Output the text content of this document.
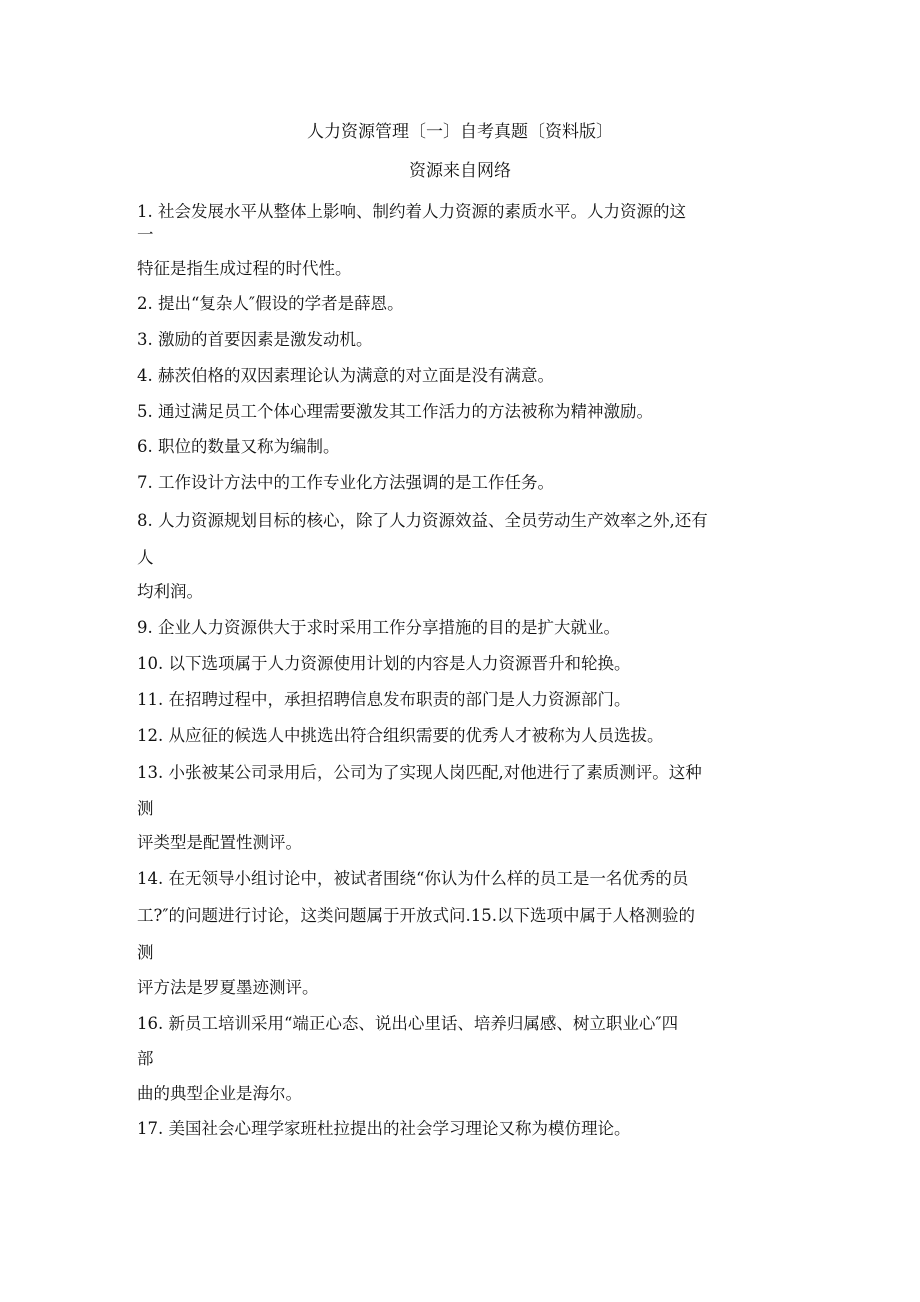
人力资源管理〔一〕自考真题〔资料版〕
资源来自网络
1. 社会发展水平从整体上影响、制约着人力资源的素质水平。人力资源的这
一
特征是指生成过程的时代性。
2. 提出“复杂人″假设的学者是薛恩。
3. 激励的首要因素是激发动机。
4. 赫茨伯格的双因素理论认为满意的对立面是没有满意。
5. 通过满足员工个体心理需要激发其工作活力的方法被称为精神激励。
6. 职位的数量又称为编制。
7. 工作设计方法中的工作专业化方法强调的是工作任务。
8. 人力资源规划目标的核心，除了人力资源效益、全员劳动生产效率之外,还有
人
均利润。
9. 企业人力资源供大于求时采用工作分享措施的目的是扩大就业。
10. 以下选项属于人力资源使用计划的内容是人力资源晋升和轮换。
11. 在招聘过程中，承担招聘信息发布职责的部门是人力资源部门。
12. 从应征的候选人中挑选出符合组织需要的优秀人才被称为人员选拔。
13. 小张被某公司录用后，公司为了实现人岗匹配,对他进行了素质测评。这种
测
评类型是配置性测评。
14. 在无领导小组讨论中，被试者围绕“你认为什么样的员工是一名优秀的员
工?″的问题进行讨论，这类问题属于开放式问.15.以下选项中属于人格测验的
测
评方法是罗夏墨迹测评。
16. 新员工培训采用“端正心态、说出心里话、培养归属感、树立职业心″四
部
曲的典型企业是海尔。
17. 美国社会心理学家班杜拉提出的社会学习理论又称为模仿理论。
